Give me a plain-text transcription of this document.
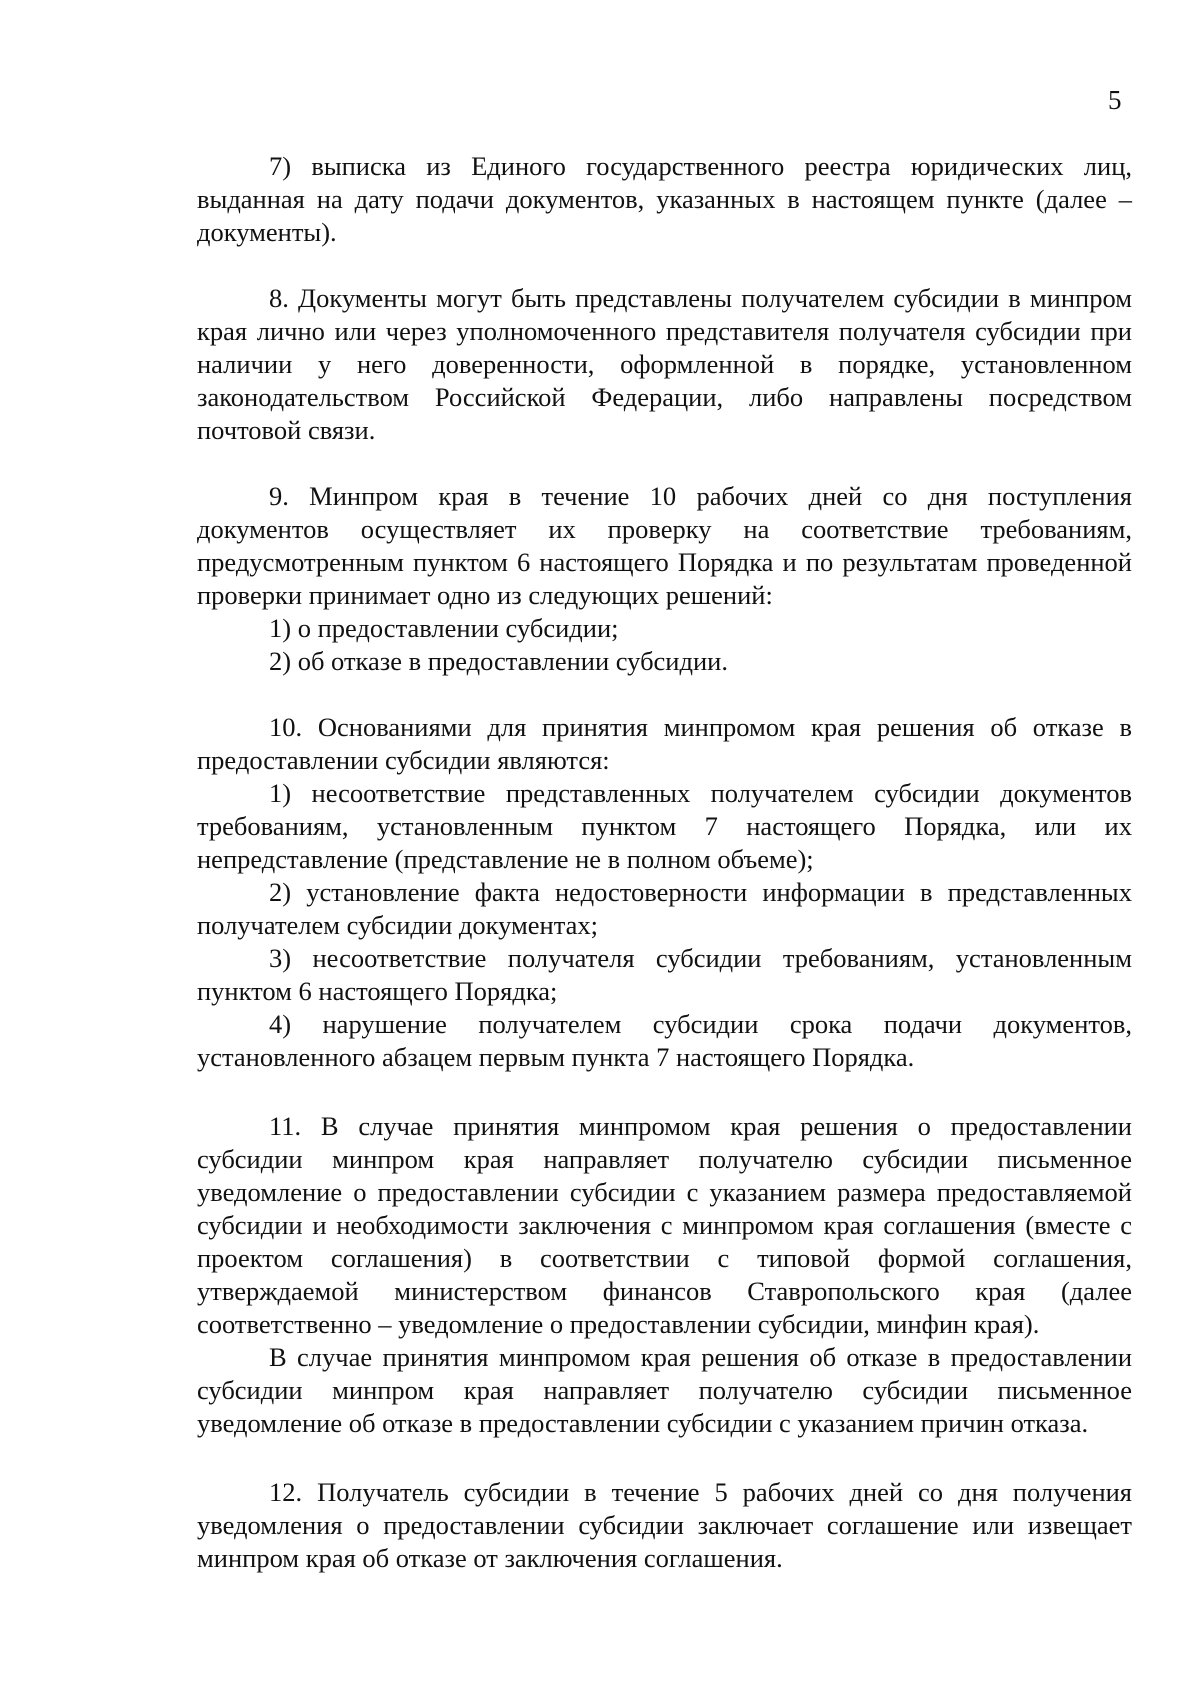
5

7) выписка из Единого государственного реестра юридических лиц, выданная на дату подачи документов, указанных в настоящем пункте (далее – документы).

8. Документы могут быть представлены получателем субсидии в минпром края лично или через уполномоченного представителя получателя субсидии при наличии у него доверенности, оформленной в порядке, установленном законодательством Российской Федерации, либо направлены посредством почтовой связи.

9. Минпром края в течение 10 рабочих дней со дня поступления документов осуществляет их проверку на соответствие требованиям, предусмотренным пунктом 6 настоящего Порядка и по результатам проведенной проверки принимает одно из следующих решений:

1) о предоставлении субсидии;

2) об отказе в предоставлении субсидии.

10. Основаниями для принятия минпромом края решения об отказе в предоставлении субсидии являются:

1) несоответствие представленных получателем субсидии документов требованиям, установленным пунктом 7 настоящего Порядка, или их непредставление (представление не в полном объеме);

2) установление факта недостоверности информации в представленных получателем субсидии документах;

3) несоответствие получателя субсидии требованиям, установленным пунктом 6 настоящего Порядка;

4) нарушение получателем субсидии срока подачи документов, установленного абзацем первым пункта 7 настоящего Порядка.

11. В случае принятия минпромом края решения о предоставлении субсидии минпром края направляет получателю субсидии письменное уведомление о предоставлении субсидии с указанием размера предоставляемой субсидии и необходимости заключения с минпромом края соглашения (вместе с проектом соглашения) в соответствии с типовой формой соглашения, утверждаемой министерством финансов Ставропольского края (далее соответственно – уведомление о предоставлении субсидии, минфин края).

В случае принятия минпромом края решения об отказе в предоставлении субсидии минпром края направляет получателю субсидии письменное уведомление об отказе в предоставлении субсидии с указанием причин отказа.

12. Получатель субсидии в течение 5 рабочих дней со дня получения уведомления о предоставлении субсидии заключает соглашение или извещает минпром края об отказе от заключения соглашения.
